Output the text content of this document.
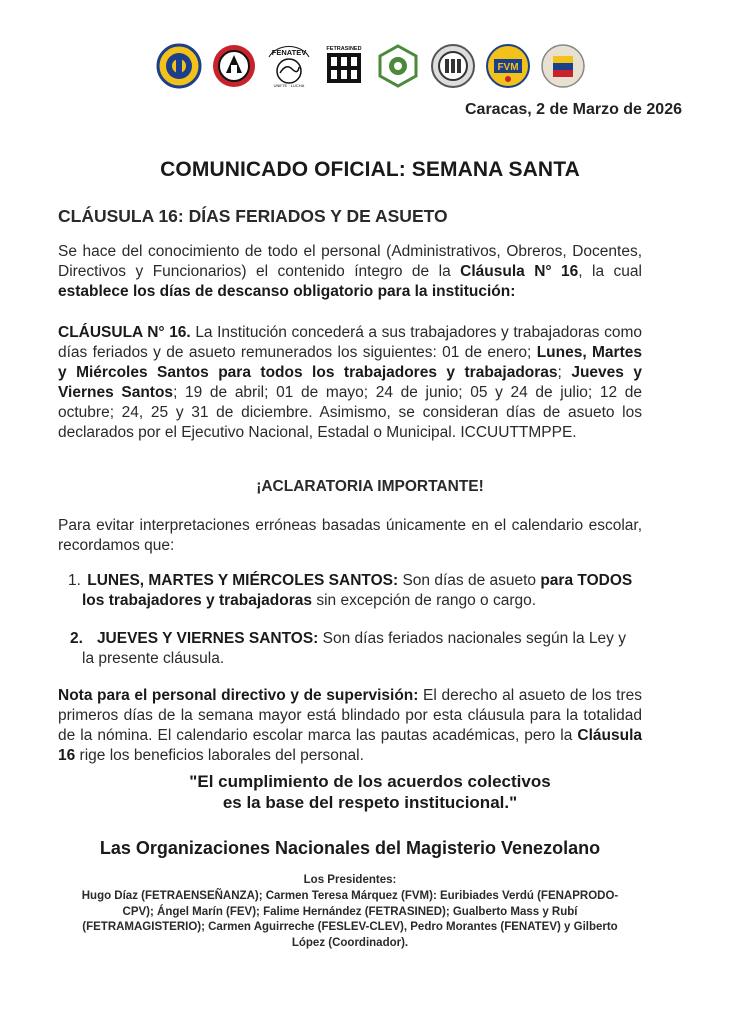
FENATEV
UNETE · LUCHA
FETRASINED
FVM
Caracas, 2 de Marzo de 2026
COMUNICADO OFICIAL: SEMANA SANTA
CLÁUSULA 16: DÍAS FERIADOS Y DE ASUETO
Se hace del conocimiento de todo el personal (Administrativos, Obreros, Docentes, Directivos y Funcionarios) el contenido íntegro de la Cláusula N° 16, la cual establece los días de descanso obligatorio para la institución:
CLÁUSULA N° 16. La Institución concederá a sus trabajadores y trabajadoras como días feriados y de asueto remunerados los siguientes: 01 de enero; Lunes, Martes y Miércoles Santos para todos los trabajadores y trabajadoras; Jueves y Viernes Santos; 19 de abril; 01 de mayo; 24 de junio; 05 y 24 de julio; 12 de octubre; 24, 25 y 31 de diciembre. Asimismo, se consideran días de asueto los declarados por el Ejecutivo Nacional, Estadal o Municipal. ICCUUTTMPPE.
¡ACLARATORIA IMPORTANTE!
Para evitar interpretaciones erróneas basadas únicamente en el calendario escolar, recordamos que:
1. LUNES, MARTES Y MIÉRCOLES SANTOS: Son días de asueto para TODOS los trabajadores y trabajadoras sin excepción de rango o cargo.
2. JUEVES Y VIERNES SANTOS: Son días feriados nacionales según la Ley y la presente cláusula.
Nota para el personal directivo y de supervisión: El derecho al asueto de los tres primeros días de la semana mayor está blindado por esta cláusula para la totalidad de la nómina. El calendario escolar marca las pautas académicas, pero la Cláusula 16 rige los beneficios laborales del personal.
"El cumplimiento de los acuerdos colectivos
es la base del respeto institucional."
Las Organizaciones Nacionales del Magisterio Venezolano
Los Presidentes:
Hugo Díaz (FETRAENSEÑANZA); Carmen Teresa Márquez (FVM): Euribiades Verdú (FENAPRODO-CPV); Ángel Marín (FEV); Falime Hernández (FETRASINED); Gualberto Mass y Rubí (FETRAMAGISTERIO); Carmen Aguirreche (FESLEV-CLEV), Pedro Morantes (FENATEV) y Gilberto López (Coordinador).
